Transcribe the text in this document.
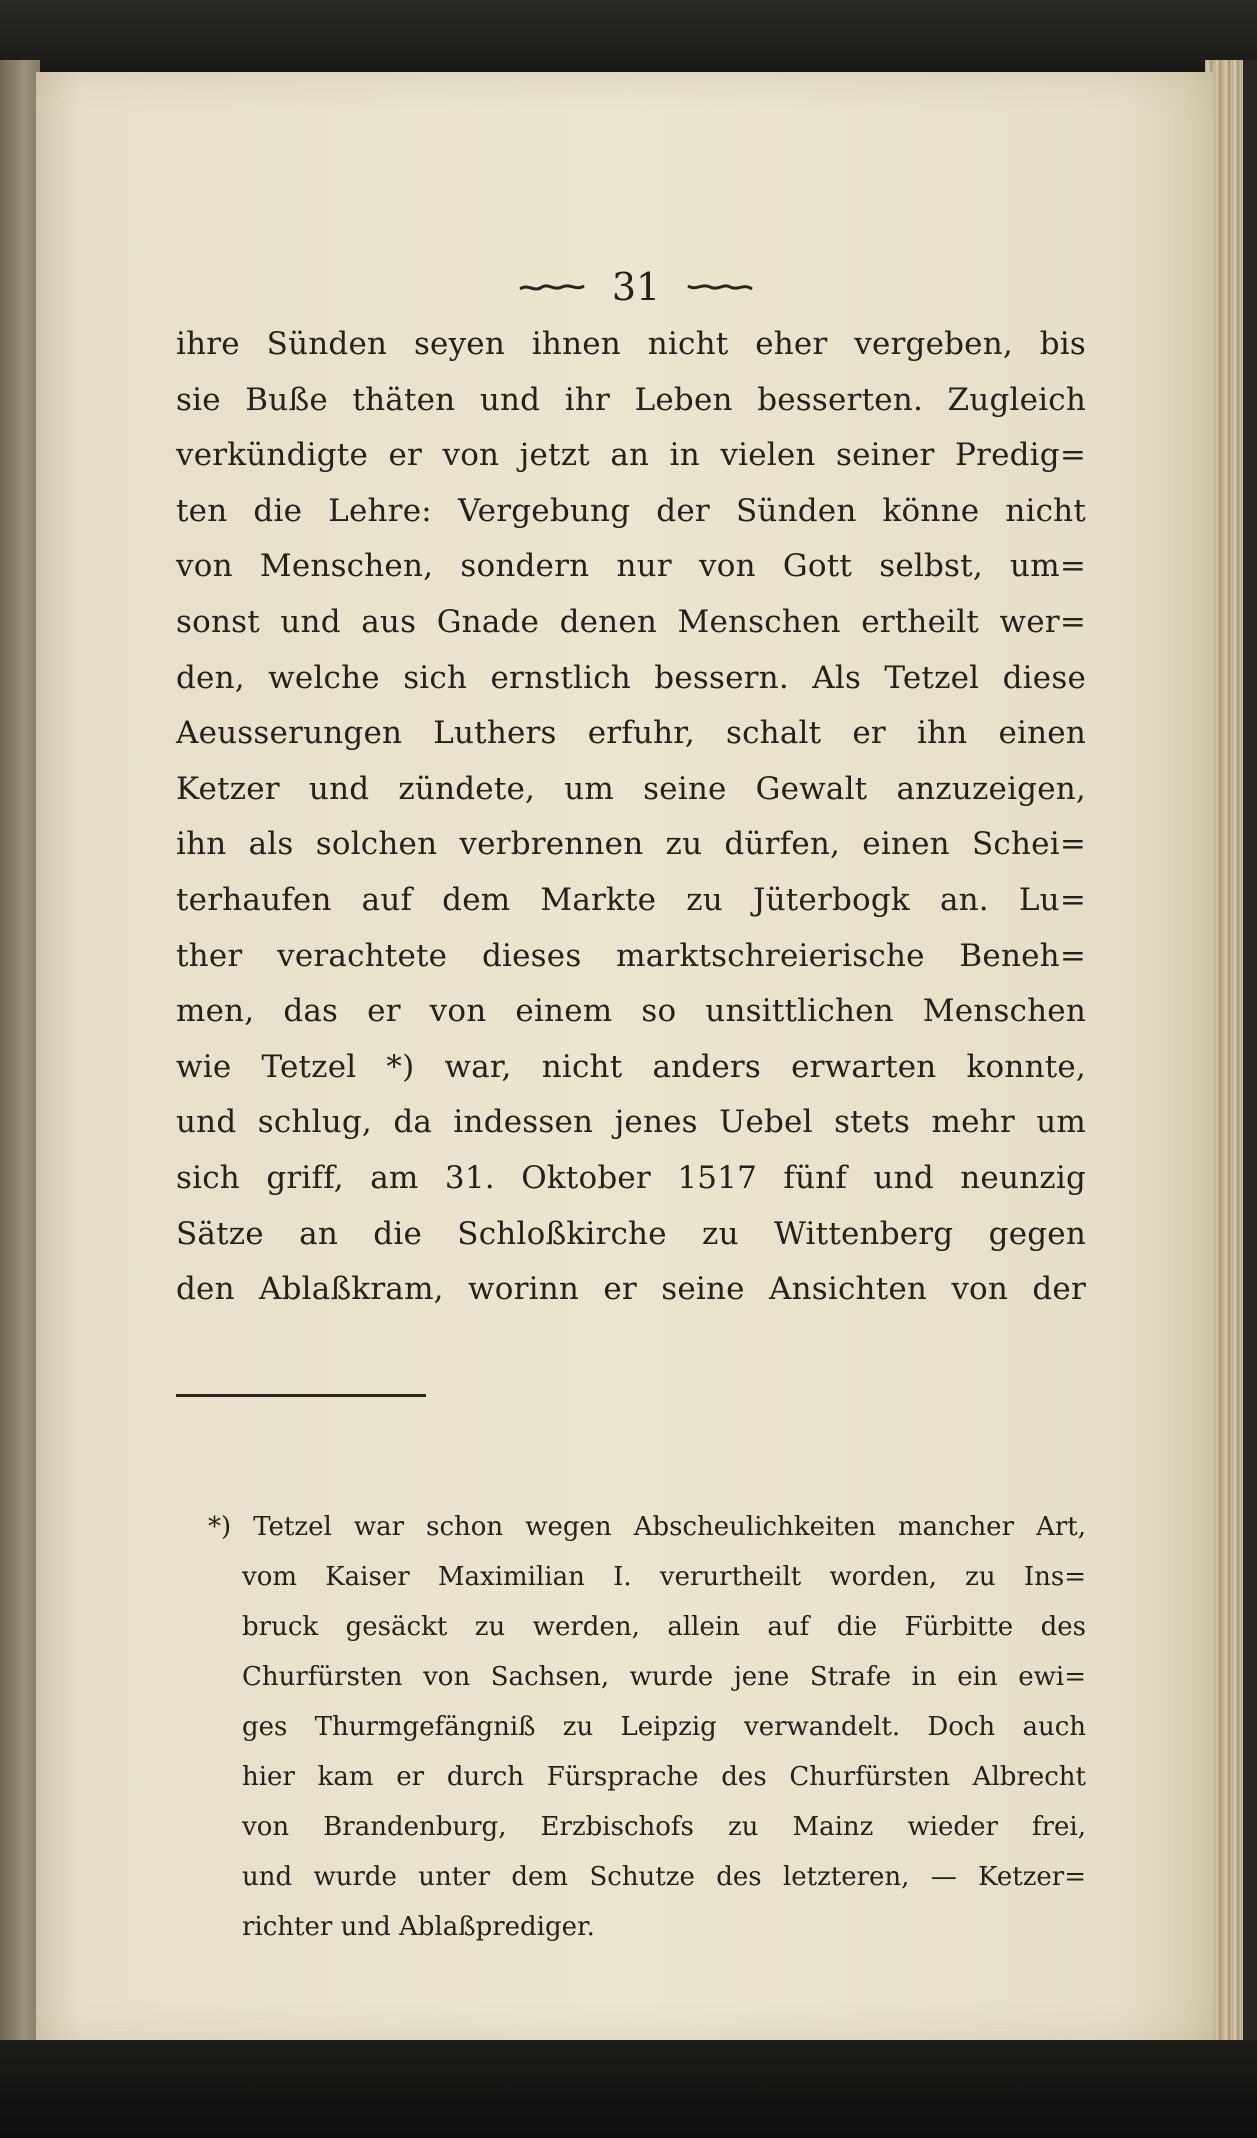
31
ihre Sünden seyen ihnen nicht eher vergeben, bis
sie Buße thäten und ihr Leben besserten. Zugleich
verkündigte er von jetzt an in vielen seiner Predig=
ten die Lehre: Vergebung der Sünden könne nicht
von Menschen, sondern nur von Gott selbst, um=
sonst und aus Gnade denen Menschen ertheilt wer=
den, welche sich ernstlich bessern. Als Tetzel diese
Aeusserungen Luthers erfuhr, schalt er ihn einen
Ketzer und zündete, um seine Gewalt anzuzeigen,
ihn als solchen verbrennen zu dürfen, einen Schei=
terhaufen auf dem Markte zu Jüterbogk an. Lu=
ther verachtete dieses marktschreierische Beneh=
men, das er von einem so unsittlichen Menschen
wie Tetzel *) war, nicht anders erwarten konnte,
und schlug, da indessen jenes Uebel stets mehr um
sich griff, am 31. Oktober 1517 fünf und neunzig
Sätze an die Schloßkirche zu Wittenberg gegen
den Ablaßkram, worinn er seine Ansichten von der
*) Tetzel war schon wegen Abscheulichkeiten mancher Art,
vom Kaiser Maximilian I. verurtheilt worden, zu Ins=
bruck gesäckt zu werden, allein auf die Fürbitte des
Churfürsten von Sachsen, wurde jene Strafe in ein ewi=
ges Thurmgefängniß zu Leipzig verwandelt. Doch auch
hier kam er durch Fürsprache des Churfürsten Albrecht
von Brandenburg, Erzbischofs zu Mainz wieder frei,
und wurde unter dem Schutze des letzteren, — Ketzer=
richter und Ablaßprediger.
